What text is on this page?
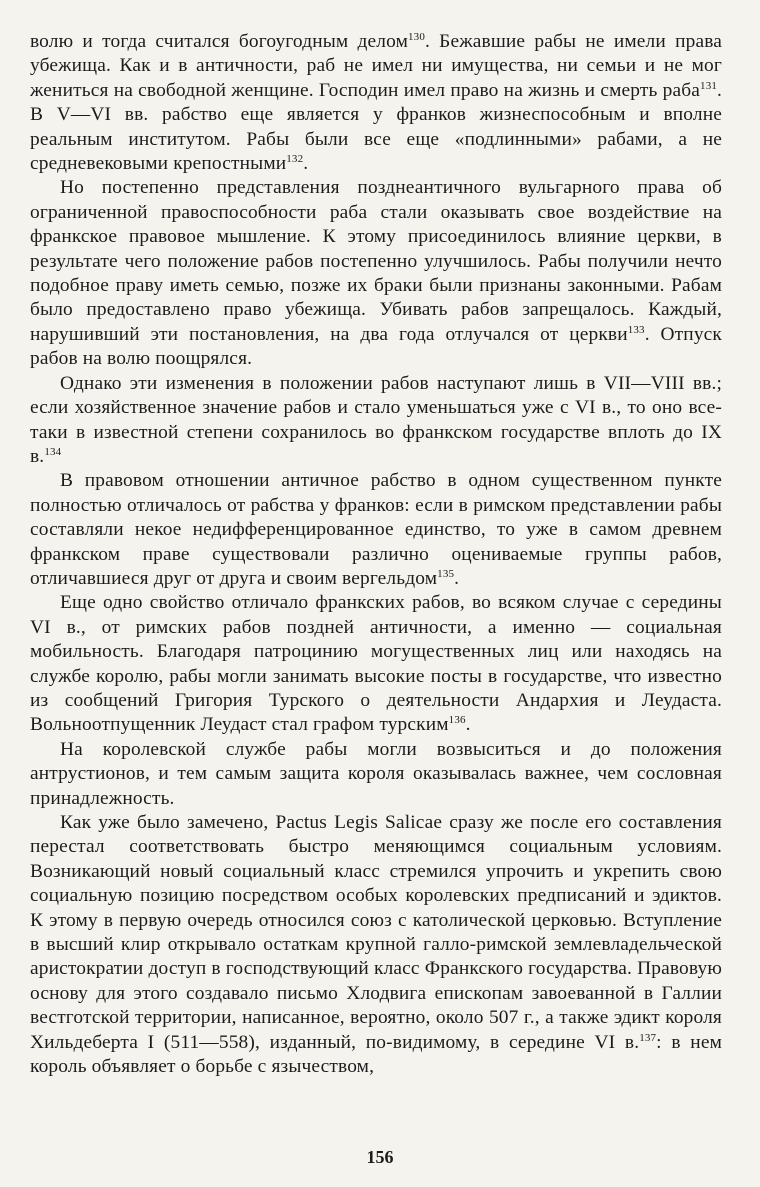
волю и тогда считался богоугодным делом$^{130}$. Бежавшие рабы не имели права убежища. Как и в античности, раб не имел ни имущества, ни семьи и не мог жениться на свободной женщине. Господин имел право на жизнь и смерть раба$^{131}$. В V—VI вв. рабство еще является у франков жизнеспособным и вполне реальным институтом. Рабы были все еще «подлинными» рабами, а не средневековыми крепостными$^{132}$.

Но постепенно представления позднеантичного вульгарного права об ограниченной правоспособности раба стали оказывать свое воздействие на франкское правовое мышление. К этому присоединилось влияние церкви, в результате чего положение рабов постепенно улучшилось. Рабы получили нечто подобное праву иметь семью, позже их браки были признаны законными. Рабам было предоставлено право убежища. Убивать рабов запрещалось. Каждый, нарушивший эти постановления, на два года отлучался от церкви$^{133}$. Отпуск рабов на волю поощрялся.

Однако эти изменения в положении рабов наступают лишь в VII—VIII вв.; если хозяйственное значение рабов и стало уменьшаться уже с VI в., то оно все-таки в известной степени сохранилось во франкском государстве вплоть до IX в.$^{134}$

В правовом отношении античное рабство в одном существенном пункте полностью отличалось от рабства у франков: если в римском представлении рабы составляли некое недифференцированное единство, то уже в самом древнем франкском праве существовали различно оцениваемые группы рабов, отличавшиеся друг от друга и своим вергельдом$^{135}$.

Еще одно свойство отличало франкских рабов, во всяком случае с середины VI в., от римских рабов поздней античности, а именно — социальная мобильность. Благодаря патроцинию могущественных лиц или находясь на службе королю, рабы могли занимать высокие посты в государстве, что известно из сообщений Григория Турского о деятельности Андархия и Леудаста. Вольноотпущенник Леудаст стал графом турским$^{136}$.

На королевской службе рабы могли возвыситься и до положения антрустионов, и тем самым защита короля оказывалась важнее, чем сословная принадлежность.

Как уже было замечено, Pactus Legis Salicae сразу же после его составления перестал соответствовать быстро меняющимся социальным условиям. Возникающий новый социальный класс стремился упрочить и укрепить свою социальную позицию посредством особых королевских предписаний и эдиктов. К этому в первую очередь относился союз с католической церковью. Вступление в высший клир открывало остаткам крупной галло-римской землевладельческой аристократии доступ в господствующий класс Франкского государства. Правовую основу для этого создавало письмо Хлодвига епископам завоеванной в Галлии вестготской территории, написанное, вероятно, около 507 г., а также эдикт короля Хильдеберта I (511—558), изданный, по-видимому, в середине VI в.$^{137}$: в нем король объявляет о борьбе с язычеством,

156
